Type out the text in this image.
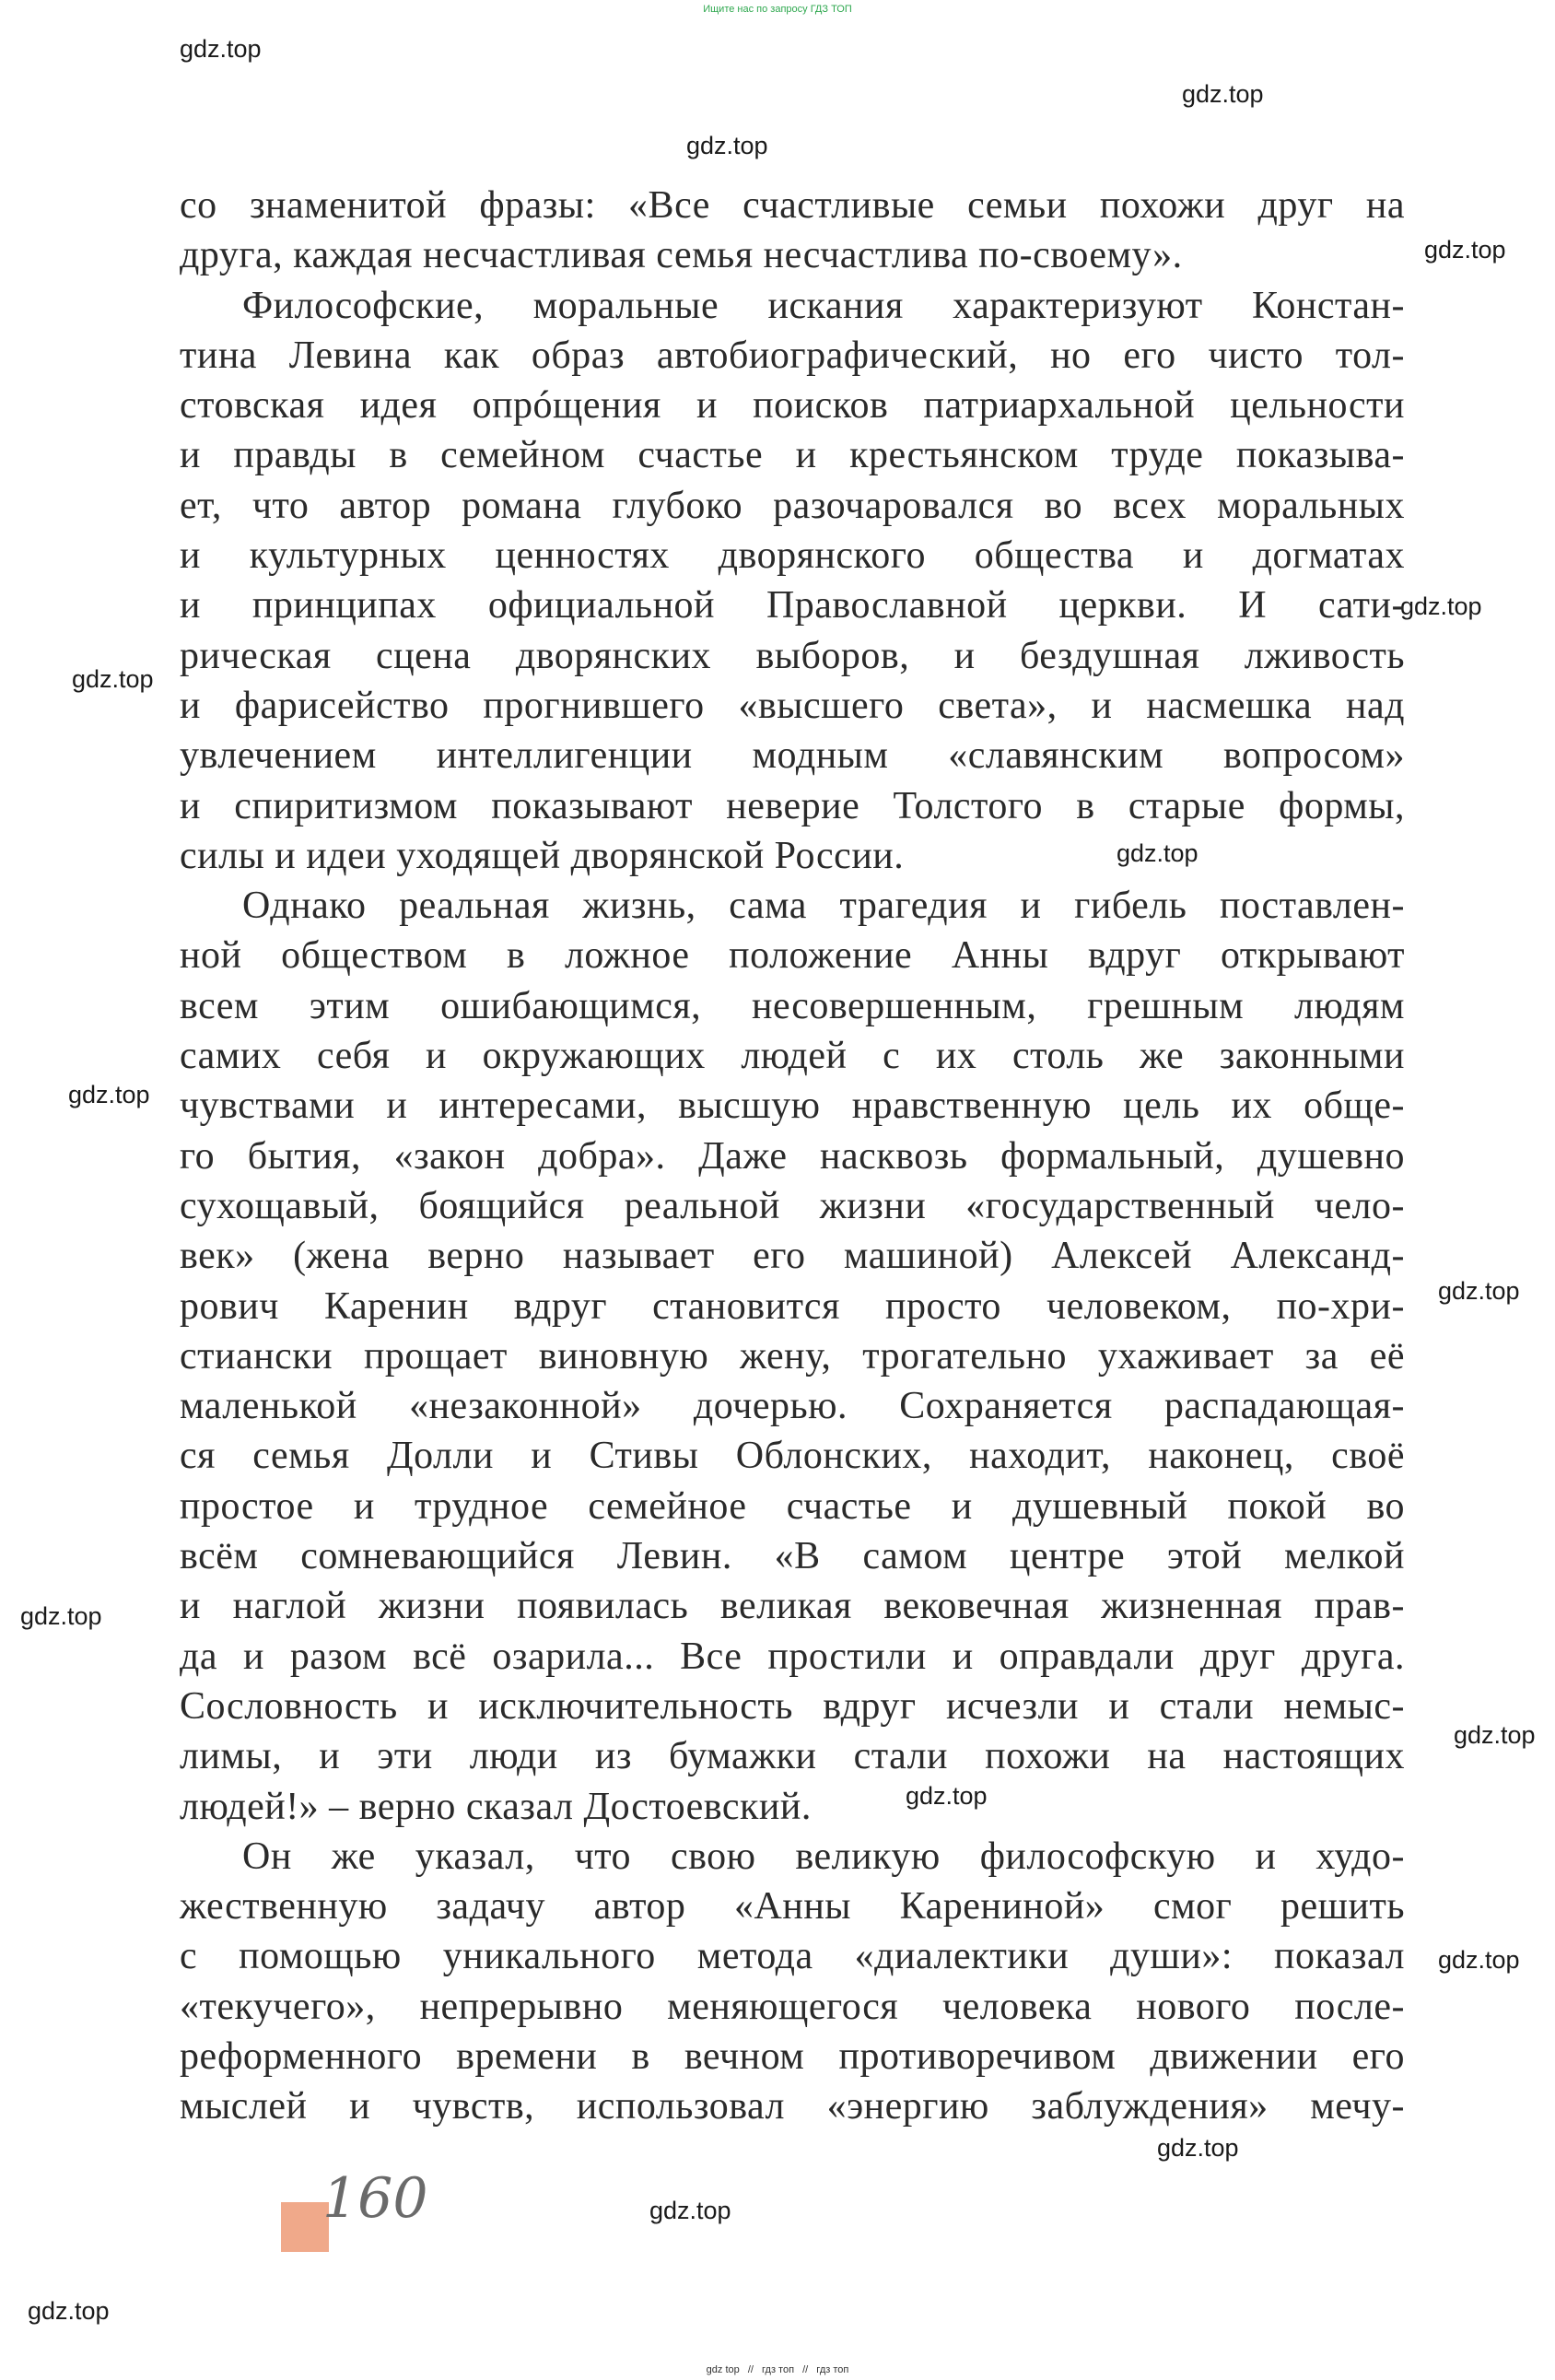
Ищите нас по запросу ГДЗ ТОП
gdz.top
gdz.top
gdz.top
gdz.top
gdz.top
gdz.top
gdz.top
gdz.top
gdz.top
gdz.top
gdz.top
gdz.top
gdz.top
gdz.top
gdz.top
gdz.top
со знаменитой фразы: «Все счастливые семьи похожи друг на
друга, каждая несчастливая семья несчастлива по-своему».
Философские, моральные искания характеризуют Констан-
тина Левина как образ автобиографический, но его чисто тол-
стовская идея опрóщения и поисков патриархальной цельности
и правды в семейном счастье и крестьянском труде показыва-
ет, что автор романа глубоко разочаровался во всех моральных
и культурных ценностях дворянского общества и догматах
и принципах официальной Православной церкви. И сати-
рическая сцена дворянских выборов, и бездушная лживость
и фарисейство прогнившего «высшего света», и насмешка над
увлечением интеллигенции модным «славянским вопросом»
и спиритизмом показывают неверие Толстого в старые формы,
силы и идеи уходящей дворянской России.
Однако реальная жизнь, сама трагедия и гибель поставлен-
ной обществом в ложное положение Анны вдруг открывают
всем этим ошибающимся, несовершенным, грешным людям
самих себя и окружающих людей с их столь же законными
чувствами и интересами, высшую нравственную цель их обще-
го бытия, «закон добра». Даже насквозь формальный, душевно
сухощавый, боящийся реальной жизни «государственный чело-
век» (жена верно называет его машиной) Алексей Александ-
рович Каренин вдруг становится просто человеком, по-хри-
стиански прощает виновную жену, трогательно ухаживает за её
маленькой «незаконной» дочерью. Сохраняется распадающая-
ся семья Долли и Стивы Облонских, находит, наконец, своё
простое и трудное семейное счастье и душевный покой во
всём сомневающийся Левин. «В самом центре этой мелкой
и наглой жизни появилась великая вековечная жизненная прав-
да и разом всё озарила... Все простили и оправдали друг друга.
Сословность и исключительность вдруг исчезли и стали немыс-
лимы, и эти люди из бумажки стали похожи на настоящих
людей!» – верно сказал Достоевский.
Он же указал, что свою великую философскую и худо-
жественную задачу автор «Анны Карениной» смог решить
с помощью уникального метода «диалектики души»: показал
«текучего», непрерывно меняющегося человека нового после-
реформенного времени в вечном противоречивом движении его
мыслей и чувств, использовал «энергию заблуждения» мечу-
160
gdz top // гдз топ // гдз топ
